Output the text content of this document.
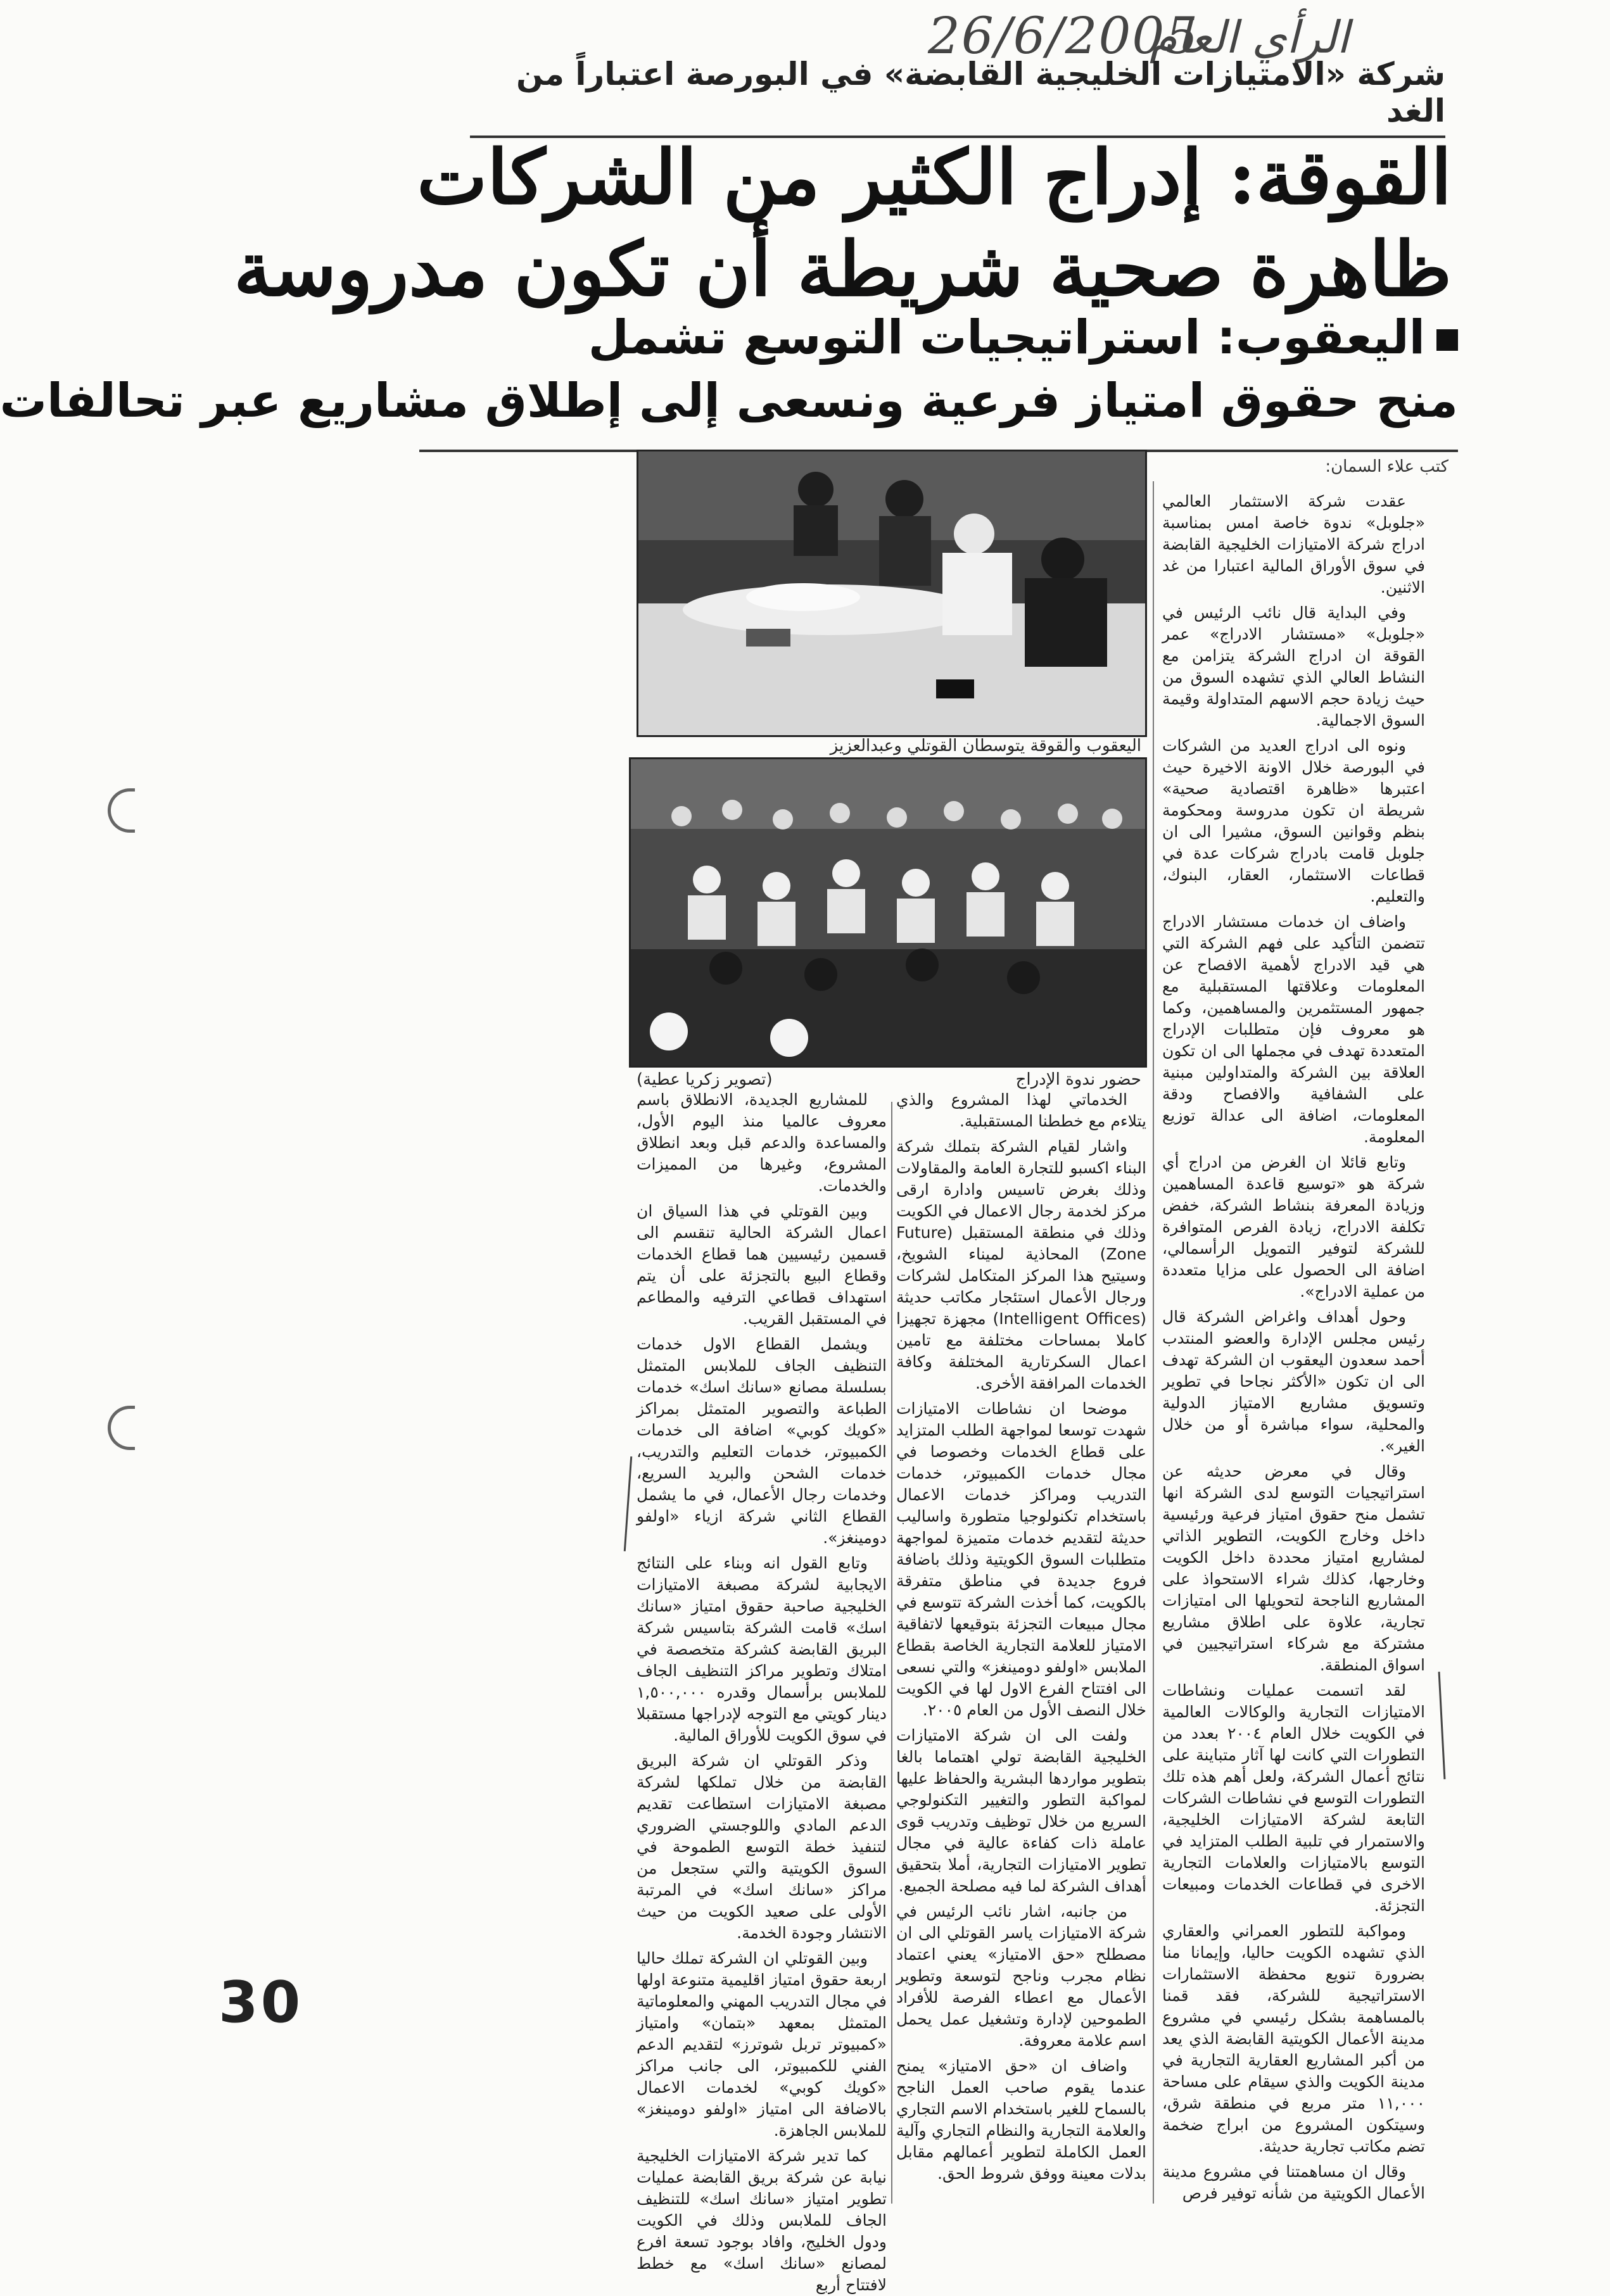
26/6/2005
الرأي العام
شركة «الامتيازات الخليجية القابضة» في البورصة اعتباراً من الغد
القوقة: إدراج الكثير من الشركات
ظاهرة صحية شريطة أن تكون مدروسة
اليعقوب: استراتيجيات التوسع تشمل
منح حقوق امتياز فرعية ونسعى إلى إطلاق مشاريع عبر تحالفات
كتب علاء السمان:
اليعقوب والقوقة يتوسطان القوتلي وعبدالعزيز
حضور ندوة الإدراج
(تصوير زكريا عطية)

عقدت شركة الاستثمار العالمي «جلوبل» ندوة خاصة امس بمناسبة ادراج شركة الامتيازات الخليجية القابضة في سوق الأوراق المالية اعتبارا من غد الاثنين.

وفي البداية قال نائب الرئيس في «جلوبل» «مستشار الادراج» عمر القوقة ان ادراج الشركة يتزامن مع النشاط العالي الذي تشهده السوق من حيث زيادة حجم الاسهم المتداولة وقيمة السوق الاجمالية.

ونوه الى ادراج العديد من الشركات في البورصة خلال الاونة الاخيرة حيث اعتبرها «ظاهرة اقتصادية صحية» شريطة ان تكون مدروسة ومحكومة بنظم وقوانين السوق، مشيرا الى ان جلوبل قامت بادراج شركات عدة في قطاعات الاستثمار، العقار، البنوك، والتعليم.

واضاف ان خدمات مستشار الادراج تتضمن التأكيد على فهم الشركة التي هي قيد الادراج لأهمية الافصاح عن المعلومات وعلاقتها المستقبلية مع جمهور المستثمرين والمساهمين، وكما هو معروف فإن متطلبات الإدراج المتعددة تهدف في مجملها الى ان تكون العلاقة بين الشركة والمتداولين مبنية على الشفافية والافصاح ودقة المعلومات، اضافة الى عدالة توزيع المعلومة.

وتابع قائلا ان الغرض من ادراج أي شركة هو «توسيع قاعدة المساهمين وزيادة المعرفة بنشاط الشركة، خفض تكلفة الادراج، زيادة الفرص المتوافرة للشركة لتوفير التمويل الرأسمالي، اضافة الى الحصول على مزايا متعددة من عملية الادراج».

وحول أهداف واغراض الشركة قال رئيس مجلس الإدارة والعضو المنتدب أحمد سعدون اليعقوب ان الشركة تهدف الى ان تكون «الأكثر نجاحا في تطوير وتسويق مشاريع الامتياز الدولية والمحلية، سواء مباشرة أو من خلال الغير».

وقال في معرض حديثه عن استراتيجيات التوسع لدى الشركة انها تشمل منح حقوق امتياز فرعية ورئيسية داخل وخارج الكويت، التطوير الذاتي لمشاريع امتياز محددة داخل الكويت وخارجها، كذلك شراء الاستحواذ على المشاريع الناجحة لتحويلها الى امتيازات تجارية، علاوة على اطلاق مشاريع مشتركة مع شركاء استراتيجيين في اسواق المنطقة.

لقد اتسمت عمليات ونشاطات الامتيازات التجارية والوكالات العالمية في الكويت خلال العام ٢٠٠٤ بعدد من التطورات التي كانت لها آثار متباينة على نتائج أعمال الشركة، ولعل أهم هذه تلك التطورات التوسع في نشاطات الشركات التابعة لشركة الامتيازات الخليجية، والاستمرار في تلبية الطلب المتزايد في التوسع بالامتيازات والعلامات التجارية الاخرى في قطاعات الخدمات ومبيعات التجزئة.

ومواكبة للتطور العمراني والعقاري الذي تشهده الكويت حاليا، وإيمانا منا بضرورة تنويع محفظة الاستثمارات الاستراتيجية للشركة، فقد قمنا بالمساهمة بشكل رئيسي في مشروع مدينة الأعمال الكويتية القابضة الذي يعد من أكبر المشاريع العقارية التجارية في مدينة الكويت والذي سيقام على مساحة ١١,٠٠٠ متر مربع في منطقة شرق، وسيتكون المشروع من ابراج ضخمة تضم مكاتب تجارية حديثة.

وقال ان مساهمتنا في مشروع مدينة الأعمال الكويتية من شأنه توفير فرص

الخدماتي لهذا المشروع والذي يتلاءم مع خططنا المستقبلية.

واشار لقيام الشركة بتملك شركة البناء اكسبو للتجارة العامة والمقاولات وذلك بغرض تاسيس وادارة ارقى مركز لخدمة رجال الاعمال في الكويت وذلك في منطقة المستقبل (Future Zone) المحاذية لميناء الشويخ، وسيتيح هذا المركز المتكامل لشركات ورجال الأعمال استئجار مكاتب حديثة (Intelligent Offices) مجهزة تجهيزا كاملا بمساحات مختلفة مع تامين اعمال السكرتارية المختلفة وكافة الخدمات المرافقة الأخرى.

موضحا ان نشاطات الامتيازات شهدت توسعا لمواجهة الطلب المتزايد على قطاع الخدمات وخصوصا في مجال خدمات الكمبيوتر، خدمات التدريب ومراكز خدمات الاعمال باستخدام تكنولوجيا متطورة واساليب حديثة لتقديم خدمات متميزة لمواجهة متطلبات السوق الكويتية وذلك باضافة فروع جديدة في مناطق متفرقة بالكويت، كما أخذت الشركة تتوسع في مجال مبيعات التجزئة بتوقيعها لاتفاقية الامتياز للعلامة التجارية الخاصة بقطاع الملابس «اولفو دومينغز» والتي نسعى الى افتتاح الفرع الاول لها في الكويت خلال النصف الأول من العام ٢٠٠٥.

ولفت الى ان شركة الامتيازات الخليجية القابضة تولي اهتماما بالغا بتطوير مواردها البشرية والحفاظ عليها لمواكبة التطور والتغيير التكنولوجي السريع من خلال توظيف وتدريب قوى عاملة ذات كفاءة عالية في مجال تطوير الامتيازات التجارية، أملا بتحقيق أهداف الشركة لما فيه مصلحة الجميع.

من جانبه، اشار نائب الرئيس في شركة الامتيازات ياسر القوتلي الى ان مصطلح «حق الامتياز» يعني اعتماد نظام مجرب وناجح لتوسعة وتطوير الأعمال مع اعطاء الفرصة للأفراد الطموحين لإدارة وتشغيل عمل يحمل اسم علامة معروفة.

واضاف ان «حق الامتياز» يمنح عندما يقوم صاحب العمل الناجح بالسماح للغير باستخدام الاسم التجاري والعلامة التجارية والنظام التجاري وآلية العمل الكاملة لتطوير أعمالهم مقابل بدلات معينة ووفق شروط الحق.

للمشاريع الجديدة، الانطلاق باسم معروف عالميا منذ اليوم الأول، والمساعدة والدعم قبل وبعد انطلاق المشروع، وغيرها من المميزات والخدمات.

وبين القوتلي في هذا السياق ان اعمال الشركة الحالية تنقسم الى قسمين رئيسيين هما قطاع الخدمات وقطاع البيع بالتجزئة على أن يتم استهداف قطاعي الترفيه والمطاعم في المستقبل القريب.

ويشمل القطاع الاول خدمات التنظيف الجاف للملابس المتمثل بسلسلة مصانع «سانك اسك» خدمات الطباعة والتصوير المتمثل بمراكز «كويك كوبي» اضافة الى خدمات الكمبيوتر، خدمات التعليم والتدريب، خدمات الشحن والبريد السريع، وخدمات رجال الأعمال، في ما يشمل القطاع الثاني شركة ازياء «اولفو دومينغز».

وتابع القول انه وبناء على النتائج الايجابية لشركة مصبغة الامتيازات الخليجية صاحبة حقوق امتياز «سانك اسك» قامت الشركة بتاسيس شركة البريق القابضة كشركة متخصصة في امتلاك وتطوير مراكز التنظيف الجاف للملابس برأسمال وقدره ١,٥٠٠,٠٠٠ دينار كويتي مع التوجه لإدراجها مستقبلا في سوق الكويت للأوراق المالية.

وذكر القوتلي ان شركة البريق القابضة من خلال تملكها لشركة مصبغة الامتيازات استطاعت تقديم الدعم المادي واللوجستي الضروري لتنفيذ خطة التوسع الطموحة في السوق الكويتية والتي ستجعل من مراكز «سانك اسك» في المرتبة الأولى على صعيد الكويت من حيث الانتشار وجودة الخدمة.

وبين القوتلي ان الشركة تملك حاليا اربعة حقوق امتياز اقليمية متنوعة اولها في مجال التدريب المهني والمعلوماتية المتمثل بمعهد «بتمان» وامتياز «كمبيوتر تربل شوترز» لتقديم الدعم الفني للكمبيوتر، الى جانب مراكز «كويك كوبي» لخدمات الاعمال بالاضافة الى امتياز «اولفو دومينغز» للملابس الجاهزة.

كما تدير شركة الامتيازات الخليجية نيابة عن شركة بريق القابضة عمليات تطوير امتياز «سانك اسك» للتنظيف الجاف للملابس وذلك في الكويت ودول الخليج، وافاد بوجود تسعة افرع لمصانع «سانك اسك» مع خطط لافتتاح أربع

30
